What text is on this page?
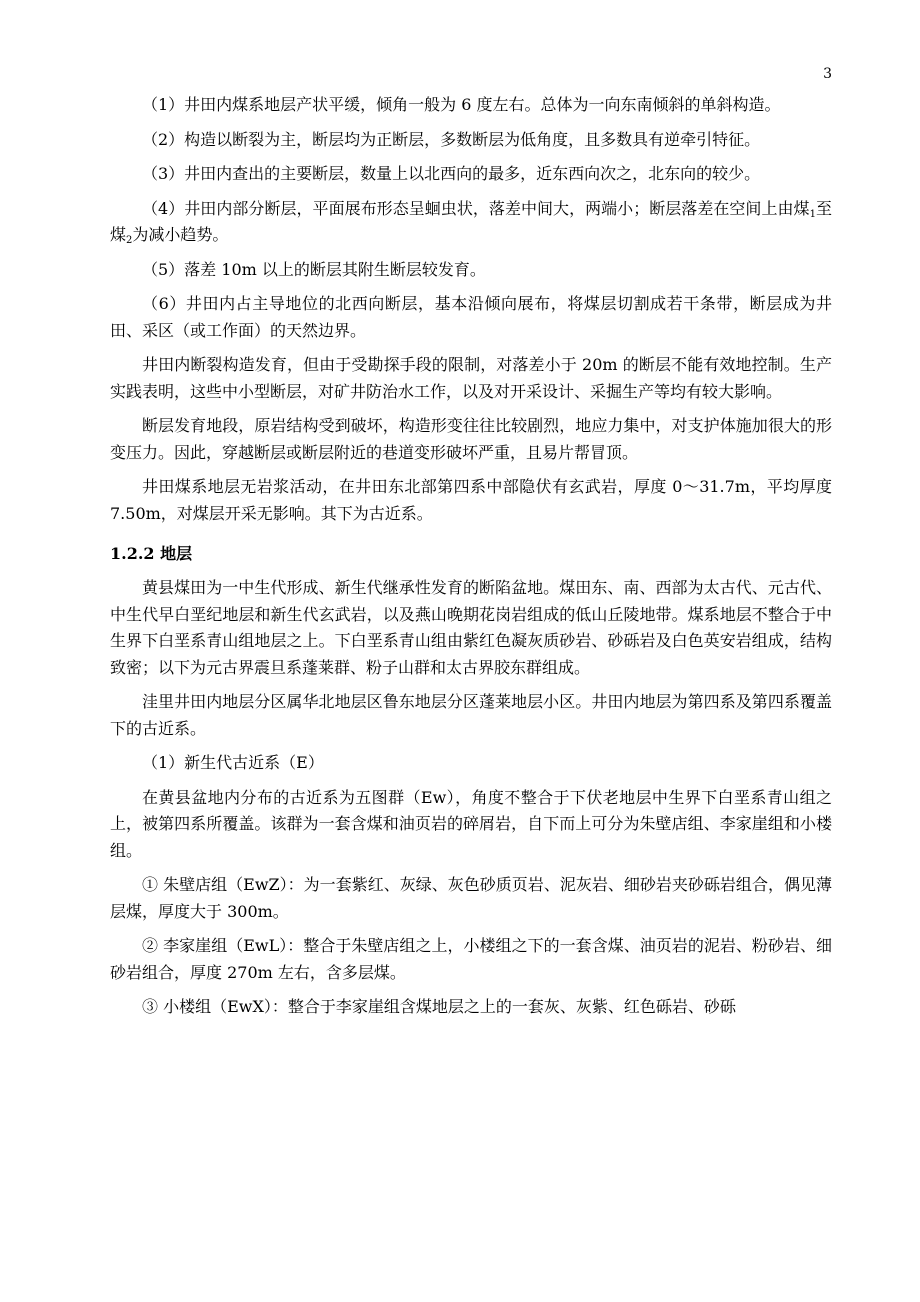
3

（1）井田内煤系地层产状平缓，倾角一般为 6 度左右。总体为一向东南倾斜的单斜构造。

（2）构造以断裂为主，断层均为正断层，多数断层为低角度，且多数具有逆牵引特征。

（3）井田内查出的主要断层，数量上以北西向的最多，近东西向次之，北东向的较少。

（4）井田内部分断层，平面展布形态呈蛔虫状，落差中间大，两端小；断层落差在空间上由煤$_1$至煤$_2$为减小趋势。

（5）落差 10m 以上的断层其附生断层较发育。

（6）井田内占主导地位的北西向断层，基本沿倾向展布，将煤层切割成若干条带，断层成为井田、采区（或工作面）的天然边界。

井田内断裂构造发育，但由于受勘探手段的限制，对落差小于 20m 的断层不能有效地控制。生产实践表明，这些中小型断层，对矿井防治水工作，以及对开采设计、采掘生产等均有较大影响。

断层发育地段，原岩结构受到破坏，构造形变往往比较剧烈，地应力集中，对支护体施加很大的形变压力。因此，穿越断层或断层附近的巷道变形破坏严重，且易片帮冒顶。

井田煤系地层无岩浆活动，在井田东北部第四系中部隐伏有玄武岩，厚度 0～31.7m，平均厚度 7.50m，对煤层开采无影响。其下为古近系。

1.2.2 地层

黄县煤田为一中生代形成、新生代继承性发育的断陷盆地。煤田东、南、西部为太古代、元古代、中生代早白垩纪地层和新生代玄武岩，以及燕山晚期花岗岩组成的低山丘陵地带。煤系地层不整合于中生界下白垩系青山组地层之上。下白垩系青山组由紫红色凝灰质砂岩、砂砾岩及白色英安岩组成，结构致密；以下为元古界震旦系蓬莱群、粉子山群和太古界胶东群组成。

洼里井田内地层分区属华北地层区鲁东地层分区蓬莱地层小区。井田内地层为第四系及第四系覆盖下的古近系。

（1）新生代古近系（E）

在黄县盆地内分布的古近系为五图群（Ew），角度不整合于下伏老地层中生界下白垩系青山组之上，被第四系所覆盖。该群为一套含煤和油页岩的碎屑岩，自下而上可分为朱壁店组、李家崖组和小楼组。

① 朱壁店组（EwZ）：为一套紫红、灰绿、灰色砂质页岩、泥灰岩、细砂岩夹砂砾岩组合，偶见薄层煤，厚度大于 300m。

② 李家崖组（EwL）：整合于朱壁店组之上，小楼组之下的一套含煤、油页岩的泥岩、粉砂岩、细砂岩组合，厚度 270m 左右，含多层煤。

③ 小楼组（EwX）：整合于李家崖组含煤地层之上的一套灰、灰紫、红色砾岩、砂砾
